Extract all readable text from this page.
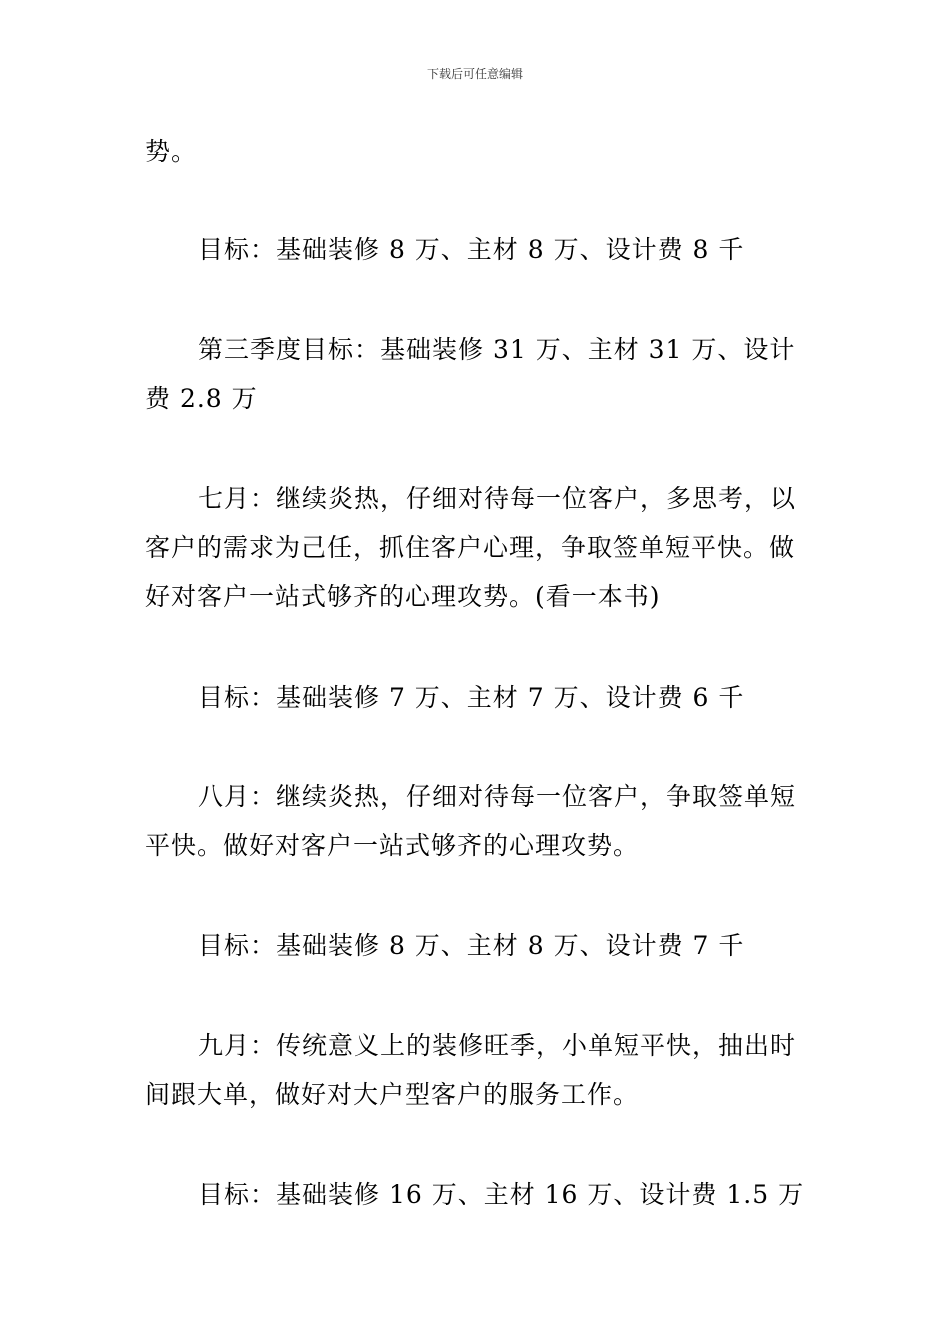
下载后可任意编辑

势。

目标：基础装修 8 万、主材 8 万、设计费 8 千

第三季度目标：基础装修 31 万、主材 31 万、设计费 2.8 万

七月：继续炎热，仔细对待每一位客户，多思考，以客户的需求为己任，抓住客户心理，争取签单短平快。做好对客户一站式够齐的心理攻势。(看一本书)

目标：基础装修 7 万、主材 7 万、设计费 6 千

八月：继续炎热，仔细对待每一位客户，争取签单短平快。做好对客户一站式够齐的心理攻势。

目标：基础装修 8 万、主材 8 万、设计费 7 千

九月：传统意义上的装修旺季，小单短平快，抽出时间跟大单，做好对大户型客户的服务工作。

目标：基础装修 16 万、主材 16 万、设计费 1.5 万
